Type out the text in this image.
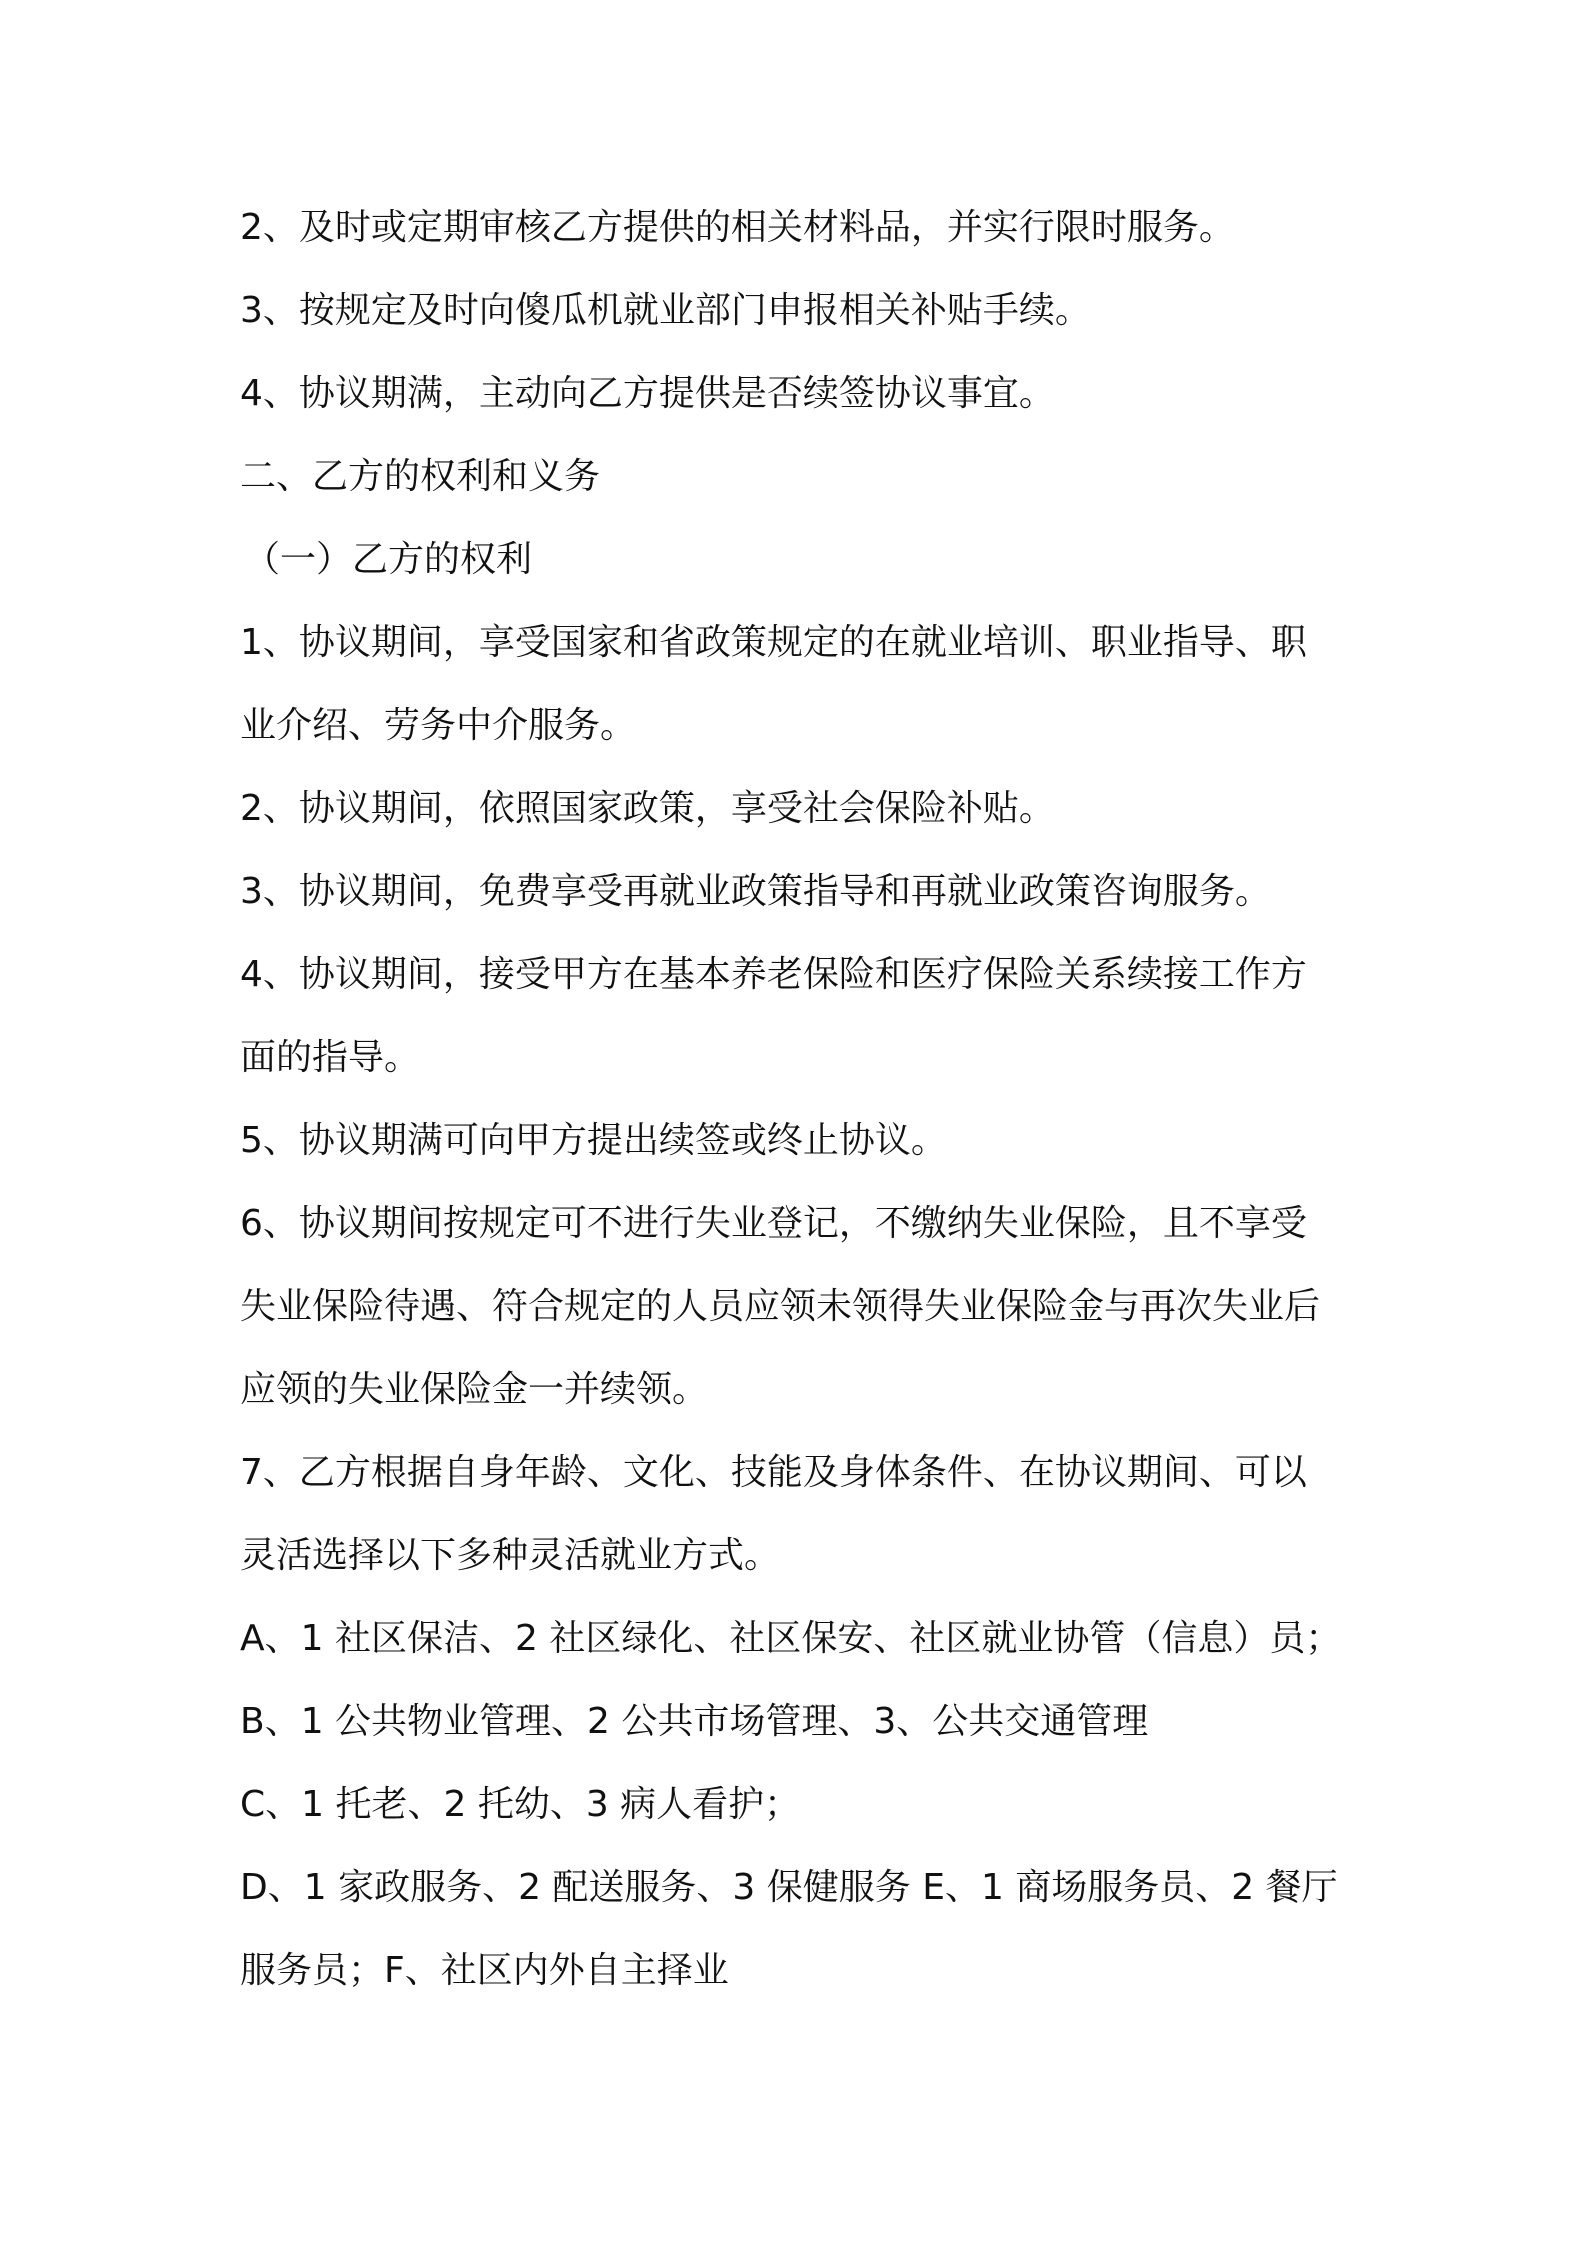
2、及时或定期审核乙方提供的相关材料品，并实行限时服务。
3、按规定及时向傻瓜机就业部门申报相关补贴手续。
4、协议期满，主动向乙方提供是否续签协议事宜。
二、乙方的权利和义务
（一）乙方的权利
1、协议期间，享受国家和省政策规定的在就业培训、职业指导、职
业介绍、劳务中介服务。
2、协议期间，依照国家政策，享受社会保险补贴。
3、协议期间，免费享受再就业政策指导和再就业政策咨询服务。
4、协议期间，接受甲方在基本养老保险和医疗保险关系续接工作方
面的指导。
5、协议期满可向甲方提出续签或终止协议。
6、协议期间按规定可不进行失业登记，不缴纳失业保险，且不享受
失业保险待遇、符合规定的人员应领未领得失业保险金与再次失业后
应领的失业保险金一并续领。
7、乙方根据自身年龄、文化、技能及身体条件、在协议期间、可以
灵活选择以下多种灵活就业方式。
A、1 社区保洁、2 社区绿化、社区保安、社区就业协管（信息）员；
B、1 公共物业管理、2 公共市场管理、3、公共交通管理
C、1 托老、2 托幼、3 病人看护；
D、1 家政服务、2 配送服务、3 保健服务 E、1 商场服务员、2 餐厅
服务员；F、社区内外自主择业
